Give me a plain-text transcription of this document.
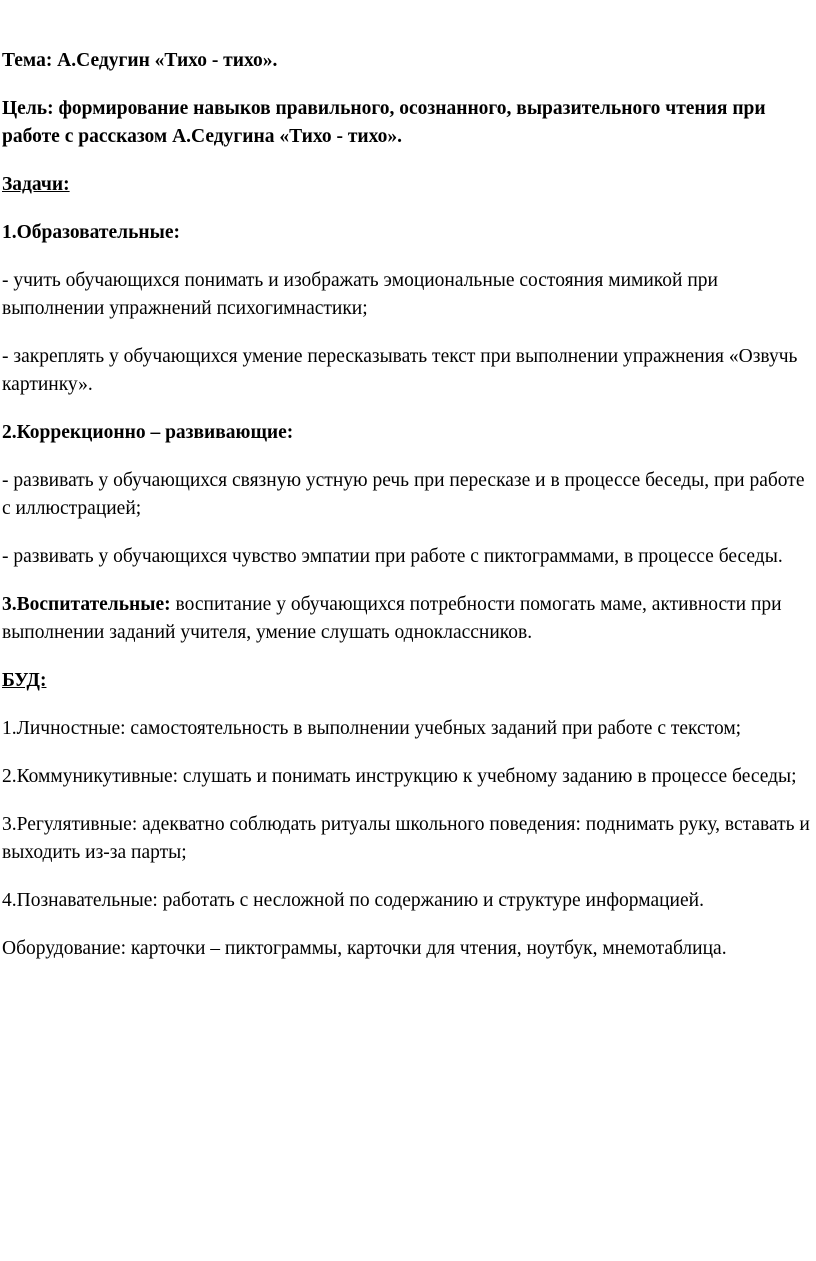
Тема: А.Седугин «Тихо - тихо».

Цель: формирование навыков правильного, осознанного, выразительного чтения при работе с рассказом А.Седугина «Тихо - тихо».

Задачи:

1.Образовательные:

- учить обучающихся понимать и изображать эмоциональные состояния мимикой при выполнении упражнений психогимнастики;

- закреплять у обучающихся умение пересказывать текст при выполнении упражнения «Озвучь картинку».

2.Коррекционно – развивающие:

- развивать у обучающихся связную устную речь при пересказе и в процессе беседы, при работе с иллюстрацией;

- развивать у обучающихся чувство эмпатии при работе с пиктограммами, в процессе беседы.

3.Воспитательные: воспитание у обучающихся потребности помогать маме, активности при выполнении заданий учителя, умение слушать одноклассников.

БУД:

1.Личностные: самостоятельность в выполнении учебных заданий при работе с текстом;

2.Коммуникутивные: слушать и понимать инструкцию к учебному заданию в процессе беседы;

3.Регулятивные: адекватно соблюдать ритуалы школьного поведения: поднимать руку, вставать и выходить из-за парты;

4.Познавательные: работать с несложной по содержанию и структуре информацией.

Оборудование: карточки – пиктограммы, карточки для чтения, ноутбук, мнемотаблица.
